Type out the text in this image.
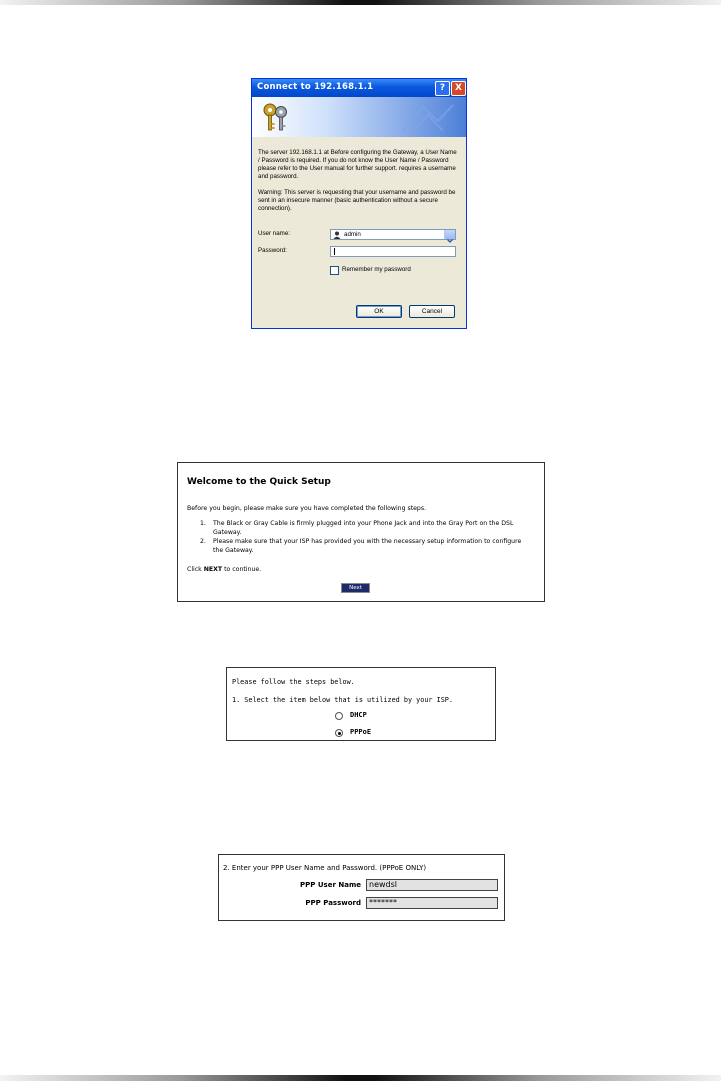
Connect to 192.168.1.1	?	X

The server 192.168.1.1 at Before configuring the Gateway, a User Name / Password is required. If you do not know the User Name / Password please refer to the User manual for further support. requires a username and password.

Warning: This server is requesting that your username and password be sent in an insecure manner (basic authentication without a secure connection).

User name:	admin
Password:
Remember my password
OK	Cancel
Welcome to the Quick Setup
Before you begin, please make sure you have completed the following steps.
1. The Black or Gray Cable is firmly plugged into your Phone Jack and into the Gray Port on the DSL Gateway.
2. Please make sure that your ISP has provided you with the necessary setup information to configure the Gateway.
Click NEXT to continue.
Next
Please follow the steps below.
1. Select the item below that is utilized by your ISP.
DHCP
PPPoE
2. Enter your PPP User Name and Password. (PPPoE ONLY)
PPP User Name	newdsl
PPP Password	*******
